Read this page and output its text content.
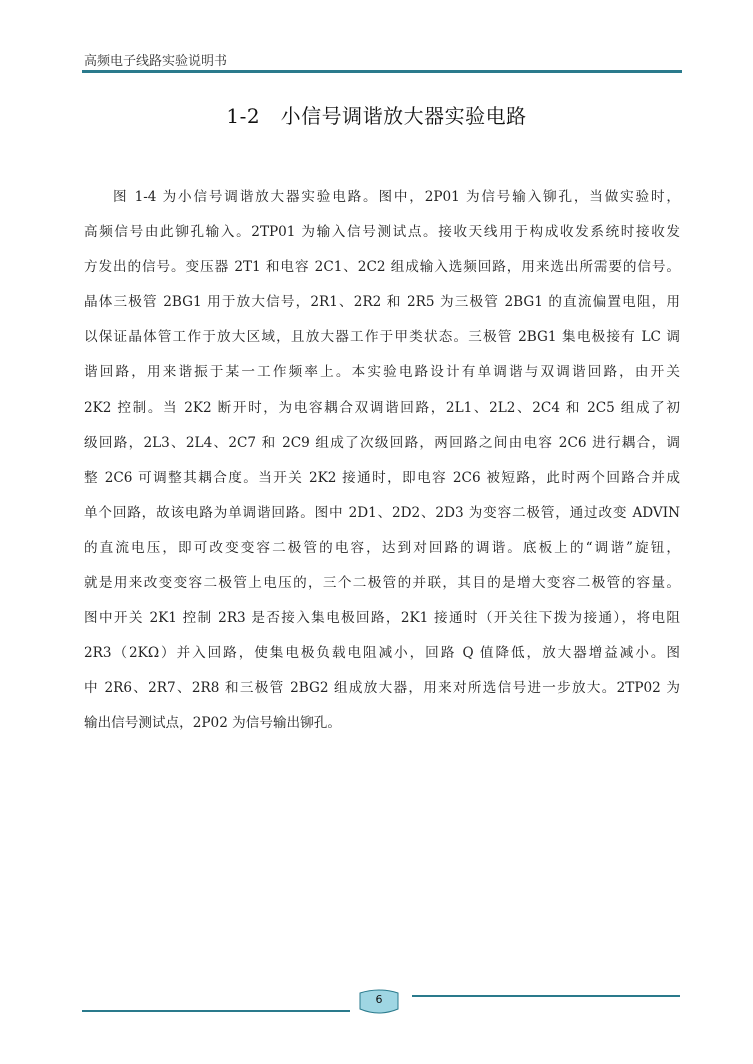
高频电子线路实验说明书
1-2　小信号调谐放大器实验电路
图 1-4 为小信号调谐放大器实验电路。图中，2P01 为信号输入铆孔，当做实验时，
高频信号由此铆孔输入。2TP01 为输入信号测试点。接收天线用于构成收发系统时接收发
方发出的信号。变压器 2T1 和电容 2C1、2C2 组成输入选频回路，用来选出所需要的信号。
晶体三极管 2BG1 用于放大信号，2R1、2R2 和 2R5 为三极管 2BG1 的直流偏置电阻，用
以保证晶体管工作于放大区域，且放大器工作于甲类状态。三极管 2BG1 集电极接有 LC 调
谐回路，用来谐振于某一工作频率上。本实验电路设计有单调谐与双调谐回路，由开关
2K2 控制。当 2K2 断开时，为电容耦合双调谐回路，2L1、2L2、2C4 和 2C5 组成了初
级回路，2L3、2L4、2C7 和 2C9 组成了次级回路，两回路之间由电容 2C6 进行耦合，调
整 2C6 可调整其耦合度。当开关 2K2 接通时，即电容 2C6 被短路，此时两个回路合并成
单个回路，故该电路为单调谐回路。图中 2D1、2D2、2D3 为变容二极管，通过改变 ADVIN
的直流电压，即可改变变容二极管的电容，达到对回路的调谐。底板上的“调谐”旋钮，
就是用来改变变容二极管上电压的，三个二极管的并联，其目的是增大变容二极管的容量。
图中开关 2K1 控制 2R3 是否接入集电极回路，2K1 接通时（开关往下拨为接通），将电阻
2R3（2KΩ）并入回路，使集电极负载电阻减小，回路 Q 值降低，放大器增益减小。图
中 2R6、2R7、2R8 和三极管 2BG2 组成放大器，用来对所选信号进一步放大。2TP02 为
输出信号测试点，2P02 为信号输出铆孔。
6
